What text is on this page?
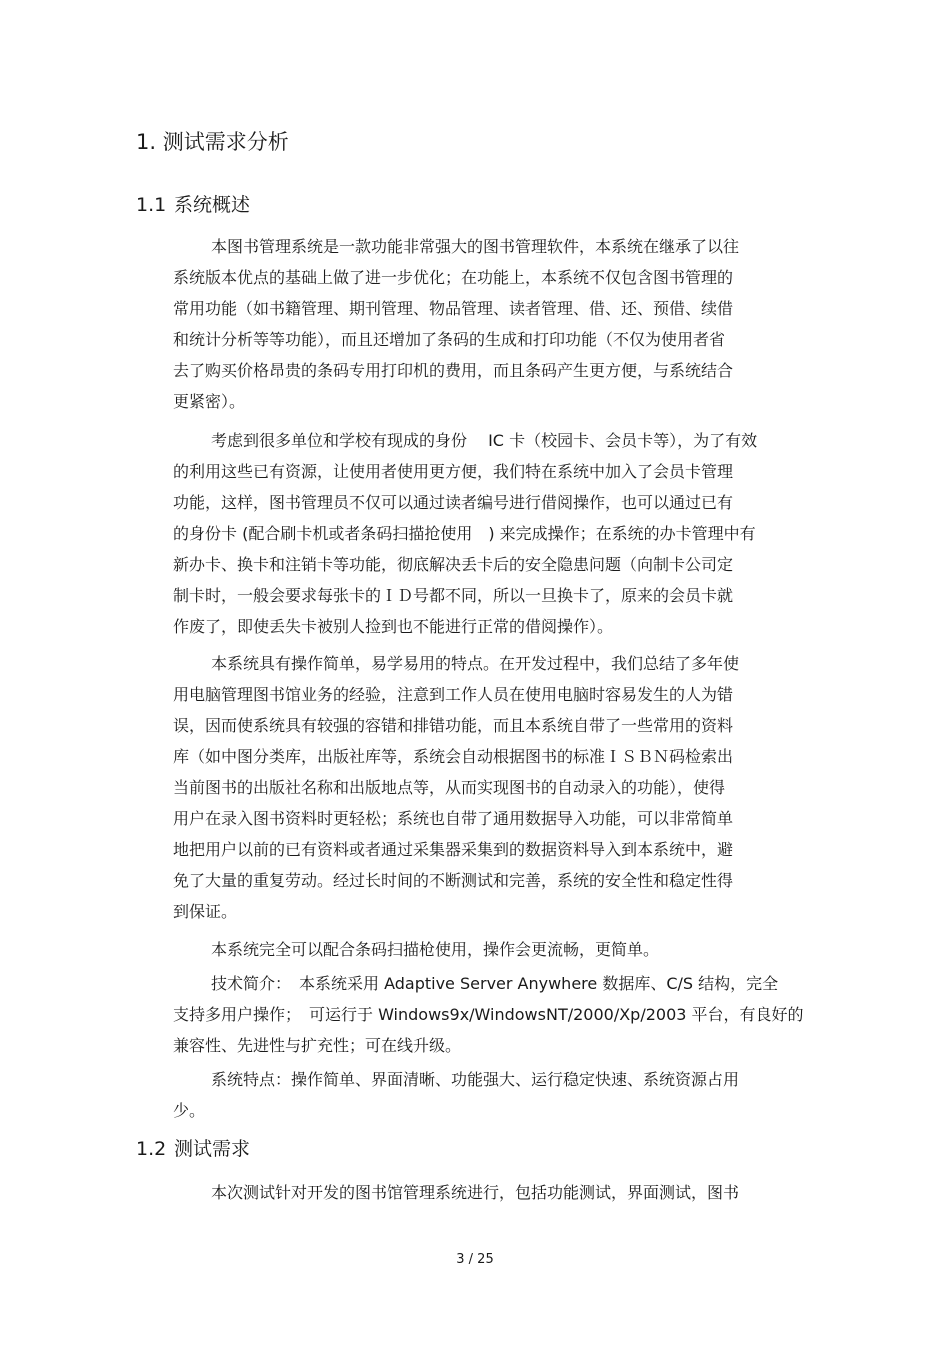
1. 测试需求分析
1.1 系统概述
本图书管理系统是一款功能非常强大的图书管理软件，本系统在继承了以往
系统版本优点的基础上做了进一步优化；在功能上，本系统不仅包含图书管理的
常用功能（如书籍管理、期刊管理、物品管理、读者管理、借、还、预借、续借
和统计分析等等功能），而且还增加了条码的生成和打印功能（不仅为使用者省
去了购买价格昂贵的条码专用打印机的费用，而且条码产生更方便，与系统结合
更紧密）。
考虑到很多单位和学校有现成的身份　 IC 卡（校园卡、会员卡等），为了有效
的利用这些已有资源，让使用者使用更方便，我们特在系统中加入了会员卡管理
功能，这样，图书管理员不仅可以通过读者编号进行借阅操作，也可以通过已有
的身份卡 (配合刷卡机或者条码扫描抢使用　) 来完成操作；在系统的办卡管理中有
新办卡、换卡和注销卡等功能，彻底解决丢卡后的安全隐患问题（向制卡公司定
制卡时，一般会要求每张卡的ＩＤ号都不同，所以一旦换卡了，原来的会员卡就
作废了，即使丢失卡被别人捡到也不能进行正常的借阅操作）。
本系统具有操作简单，易学易用的特点。在开发过程中，我们总结了多年使
用电脑管理图书馆业务的经验，注意到工作人员在使用电脑时容易发生的人为错
误，因而使系统具有较强的容错和排错功能，而且本系统自带了一些常用的资料
库（如中图分类库，出版社库等，系统会自动根据图书的标准ＩＳＢＮ码检索出
当前图书的出版社名称和出版地点等，从而实现图书的自动录入的功能），使得
用户在录入图书资料时更轻松；系统也自带了通用数据导入功能，可以非常简单
地把用户以前的已有资料或者通过采集器采集到的数据资料导入到本系统中，避
免了大量的重复劳动。经过长时间的不断测试和完善，系统的安全性和稳定性得
到保证。
本系统完全可以配合条码扫描枪使用，操作会更流畅，更简单。
技术简介：　本系统采用 Adaptive Server Anywhere 数据库、C/S 结构，完全
支持多用户操作；　可运行于 Windows9x/WindowsNT/2000/Xp/2003 平台，有良好的
兼容性、先进性与扩充性；可在线升级。
系统特点：操作简单、界面清晰、功能强大、运行稳定快速、系统资源占用
少。
1.2 测试需求
本次测试针对开发的图书馆管理系统进行，包括功能测试，界面测试，图书
3 / 25
